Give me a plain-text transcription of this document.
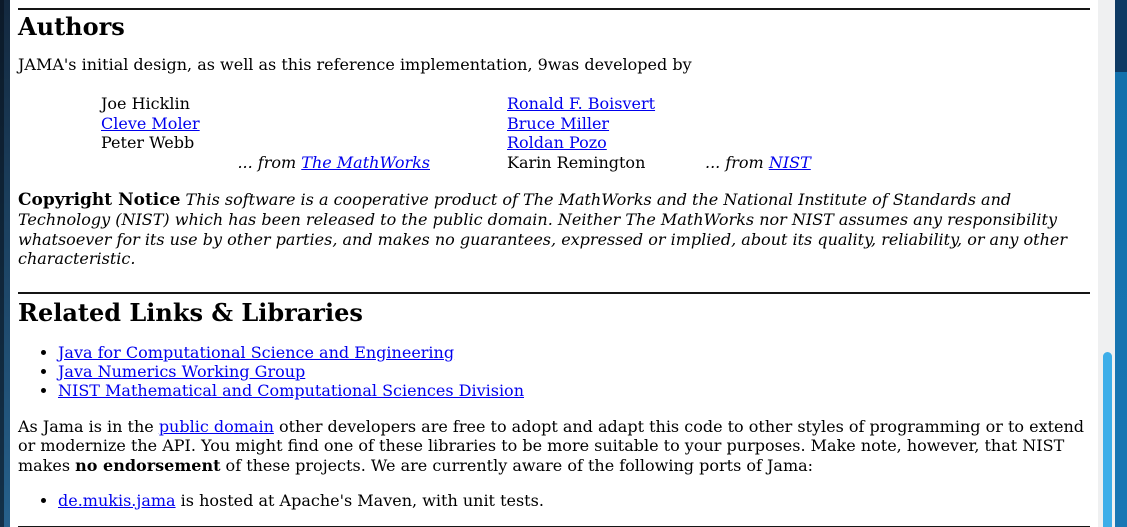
Authors

JAMA's initial design, as well as this reference implementation, 9was developed by

Joe Hicklin	Ronald F. Boisvert
Cleve Moler	Bruce Miller
Peter Webb	Roldan Pozo
... from The MathWorks	Karin Remington	... from NIST

Copyright Notice This software is a cooperative product of The MathWorks and the National Institute of Standards and Technology (NIST) which has been released to the public domain. Neither The MathWorks nor NIST assumes any responsibility whatsoever for its use by other parties, and makes no guarantees, expressed or implied, about its quality, reliability, or any other characteristic.

Related Links & Libraries
• Java for Computational Science and Engineering
• Java Numerics Working Group
• NIST Mathematical and Computational Sciences Division

As Jama is in the public domain other developers are free to adopt and adapt this code to other styles of programming or to extend or modernize the API. You might find one of these libraries to be more suitable to your purposes. Make note, however, that NIST makes no endorsement of these projects. We are currently aware of the following ports of Jama:

• de.mukis.jama is hosted at Apache's Maven, with unit tests.
